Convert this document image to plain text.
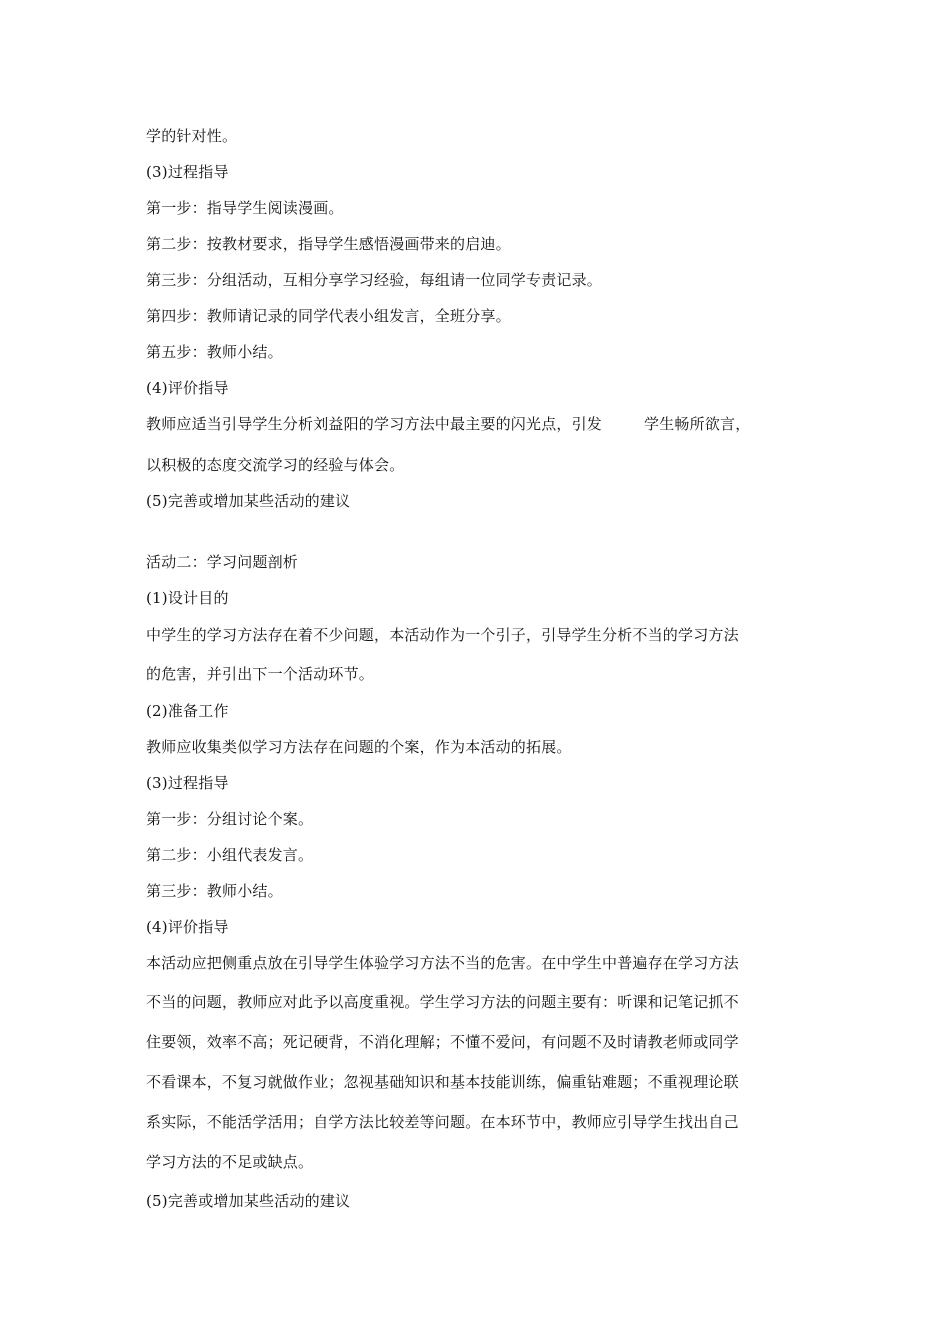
学的针对性。
(3)过程指导
第一步：指导学生阅读漫画。
第二步：按教材要求，指导学生感悟漫画带来的启迪。
第三步：分组活动，互相分享学习经验，每组请一位同学专责记录。
第四步：教师请记录的同学代表小组发言，全班分享。
第五步：教师小结。
(4)评价指导
教师应适当引导学生分析刘益阳的学习方法中最主要的闪光点，引发	学生畅所欲言，
以积极的态度交流学习的经验与体会。
(5)完善或增加某些活动的建议
活动二：学习问题剖析
(1)设计目的
中学生的学习方法存在着不少问题，本活动作为一个引子，引导学生分析不当的学习方法
的危害，并引出下一个活动环节。
(2)准备工作
教师应收集类似学习方法存在问题的个案，作为本活动的拓展。
(3)过程指导
第一步：分组讨论个案。
第二步：小组代表发言。
第三步：教师小结。
(4)评价指导
本活动应把侧重点放在引导学生体验学习方法不当的危害。在中学生中普遍存在学习方法
不当的问题，教师应对此予以高度重视。学生学习方法的问题主要有：听课和记笔记抓不
住要领，效率不高；死记硬背，不消化理解；不懂不爱问，有问题不及时请教老师或同学
不看课本，不复习就做作业；忽视基础知识和基本技能训练，偏重钻难题；不重视理论联
系实际，不能活学活用；自学方法比较差等问题。在本环节中，教师应引导学生找出自己
学习方法的不足或缺点。
(5)完善或增加某些活动的建议
